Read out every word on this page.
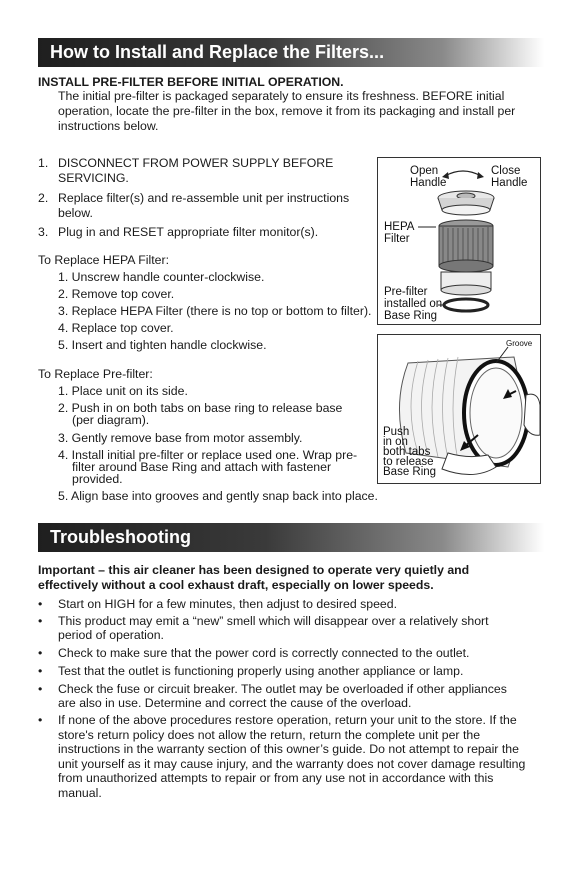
How to Install and Replace the Filters...
INSTALL PRE-FILTER BEFORE INITIAL OPERATION.
The initial pre-filter is packaged separately to ensure its freshness. BEFORE initial
operation, locate the pre-filter in the box, remove it from its packaging and install per
instructions below.
1. DISCONNECT FROM POWER SUPPLY BEFORE
SERVICING.
2. Replace filter(s) and re-assemble unit per instructions
below.
3. Plug in and RESET appropriate filter monitor(s).
To Replace HEPA Filter:
1. Unscrew handle counter-clockwise.
2. Remove top cover.
3. Replace HEPA Filter (there is no top or bottom to filter).
4. Replace top cover.
5. Insert and tighten handle clockwise.
To Replace Pre-filter:
1. Place unit on its side.
2. Push in on both tabs on base ring to release base
(per diagram).
3. Gently remove base from motor assembly.
4. Install initial pre-filter or replace used one. Wrap pre-
filter around Base Ring and attach with fastener
provided.
5. Align base into grooves and gently snap back into place.
Open
Handle
Close
Handle
HEPA
Filter
Pre-filter
installed on
Base Ring
Groove
Push
in on
both tabs
to release
Base Ring
Troubleshooting
Important – this air cleaner has been designed to operate very quietly and
effectively without a cool exhaust draft, especially on lower speeds.
• Start on HIGH for a few minutes, then adjust to desired speed.
• This product may emit a “new” smell which will disappear over a relatively short
period of operation.
• Check to make sure that the power cord is correctly connected to the outlet.
• Test that the outlet is functioning properly using another appliance or lamp.
• Check the fuse or circuit breaker. The outlet may be overloaded if other appliances
are also in use. Determine and correct the cause of the overload.
• If none of the above procedures restore operation, return your unit to the store. If the
store's return policy does not allow the return, return the complete unit per the
instructions in the warranty section of this owner’s guide. Do not attempt to repair the
unit yourself as it may cause injury, and the warranty does not cover damage resulting
from unauthorized attempts to repair or from any use not in accordance with this
manual.
